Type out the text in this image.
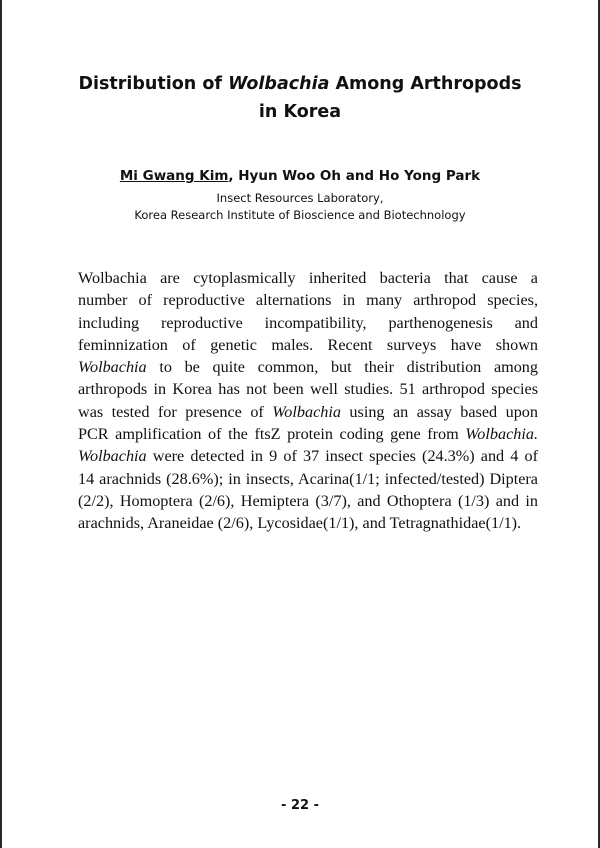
Distribution of Wolbachia Among Arthropods
in Korea
Mi Gwang Kim, Hyun Woo Oh and Ho Yong Park
Insect Resources Laboratory,
Korea Research Institute of Bioscience and Biotechnology
Wolbachia are cytoplasmically inherited bacteria that cause a
number of reproductive alternations in many arthropod species,
including reproductive incompatibility, parthenogenesis and
feminnization of genetic males. Recent surveys have shown
Wolbachia to be quite common, but their distribution among
arthropods in Korea has not been well studies. 51 arthropod species
was tested for presence of Wolbachia using an assay based upon
PCR amplification of the ftsZ protein coding gene from Wolbachia.
Wolbachia were detected in 9 of 37 insect species (24.3%) and 4 of
14 arachnids (28.6%); in insects, Acarina(1/1; infected/tested) Diptera
(2/2), Homoptera (2/6), Hemiptera (3/7), and Othoptera (1/3) and in
arachnids, Araneidae (2/6), Lycosidae(1/1), and Tetragnathidae(1/1).
- 22 -
